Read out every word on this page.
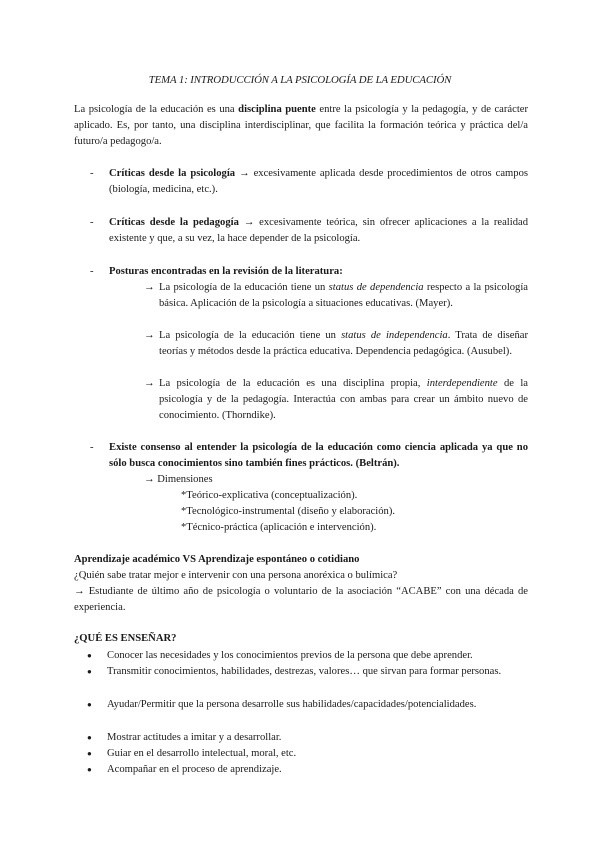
TEMA 1: INTRODUCCIÓN A LA PSICOLOGÍA DE LA EDUCACIÓN
La psicología de la educación es una disciplina puente entre la psicología y la pedagogía, y de carácter aplicado. Es, por tanto, una disciplina interdisciplinar, que facilita la formación teórica y práctica del/a futuro/a pedagogo/a.
- Críticas desde la psicología → excesivamente aplicada desde procedimientos de otros campos (biología, medicina, etc.).
- Críticas desde la pedagogía → excesivamente teórica, sin ofrecer aplicaciones a la realidad existente y que, a su vez, la hace depender de la psicología.
- Posturas encontradas en la revisión de la literatura:
→ La psicología de la educación tiene un status de dependencia respecto a la psicología básica. Aplicación de la psicología a situaciones educativas. (Mayer).
→ La psicología de la educación tiene un status de independencia. Trata de diseñar teorías y métodos desde la práctica educativa. Dependencia pedagógica. (Ausubel).
→ La psicología de la educación es una disciplina propia, interdependiente de la psicología y de la pedagogía. Interactúa con ambas para crear un ámbito nuevo de conocimiento. (Thorndike).
- Existe consenso al entender la psicología de la educación como ciencia aplicada ya que no sólo busca conocimientos sino también fines prácticos. (Beltrán).
→ Dimensiones
*Teórico-explicativa (conceptualización).
*Tecnológico-instrumental (diseño y elaboración).
*Técnico-práctica (aplicación e intervención).
Aprendizaje académico VS Aprendizaje espontáneo o cotidiano
¿Quién sabe tratar mejor e intervenir con una persona anoréxica o bulímica?
→ Estudiante de último año de psicología o voluntario de la asociación “ACABE” con una década de experiencia.
¿QUÉ ES ENSEÑAR?
● Conocer las necesidades y los conocimientos previos de la persona que debe aprender.
● Transmitir conocimientos, habilidades, destrezas, valores… que sirvan para formar personas.
● Ayudar/Permitir que la persona desarrolle sus habilidades/capacidades/potencialidades.
● Mostrar actitudes a imitar y a desarrollar.
● Guiar en el desarrollo intelectual, moral, etc.
● Acompañar en el proceso de aprendizaje.
